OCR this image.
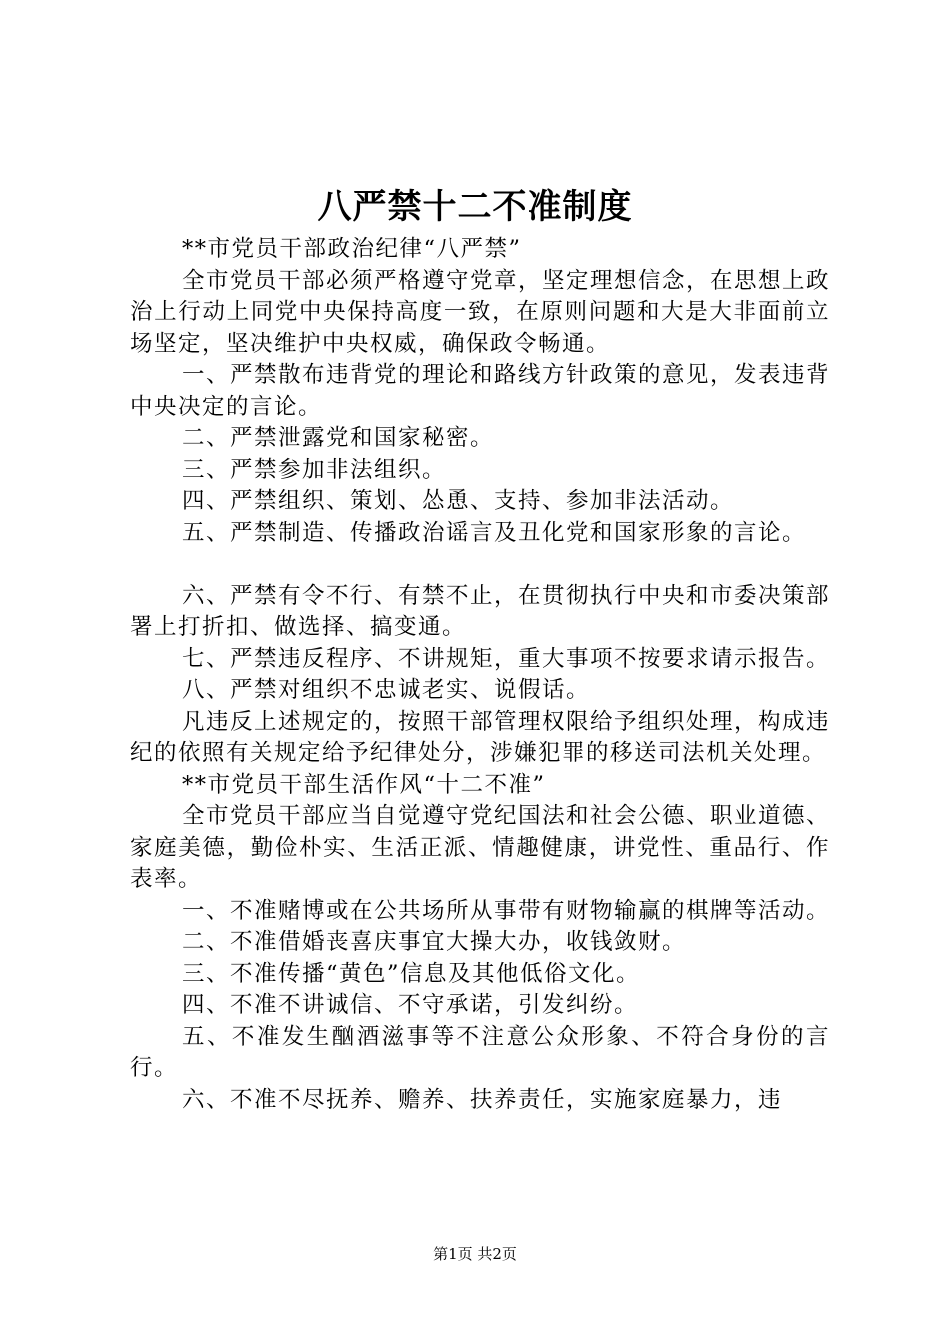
八严禁十二不准制度

**市党员干部政治纪律“八严禁”

全市党员干部必须严格遵守党章，坚定理想信念，在思想上政治上行动上同党中央保持高度一致，在原则问题和大是大非面前立场坚定，坚决维护中央权威，确保政令畅通。

一、严禁散布违背党的理论和路线方针政策的意见，发表违背中央决定的言论。

二、严禁泄露党和国家秘密。

三、严禁参加非法组织。

四、严禁组织、策划、怂恿、支持、参加非法活动。

五、严禁制造、传播政治谣言及丑化党和国家形象的言论。

六、严禁有令不行、有禁不止，在贯彻执行中央和市委决策部署上打折扣、做选择、搞变通。

七、严禁违反程序、不讲规矩，重大事项不按要求请示报告。

八、严禁对组织不忠诚老实、说假话。

凡违反上述规定的，按照干部管理权限给予组织处理，构成违纪的依照有关规定给予纪律处分，涉嫌犯罪的移送司法机关处理。

**市党员干部生活作风“十二不准”

全市党员干部应当自觉遵守党纪国法和社会公德、职业道德、家庭美德，勤俭朴实、生活正派、情趣健康，讲党性、重品行、作表率。

一、不准赌博或在公共场所从事带有财物输赢的棋牌等活动。

二、不准借婚丧喜庆事宜大操大办，收钱敛财。

三、不准传播“黄色”信息及其他低俗文化。

四、不准不讲诚信、不守承诺，引发纠纷。

五、不准发生酗酒滋事等不注意公众形象、不符合身份的言行。

六、不准不尽抚养、赡养、扶养责任，实施家庭暴力，违

第1页 共2页
